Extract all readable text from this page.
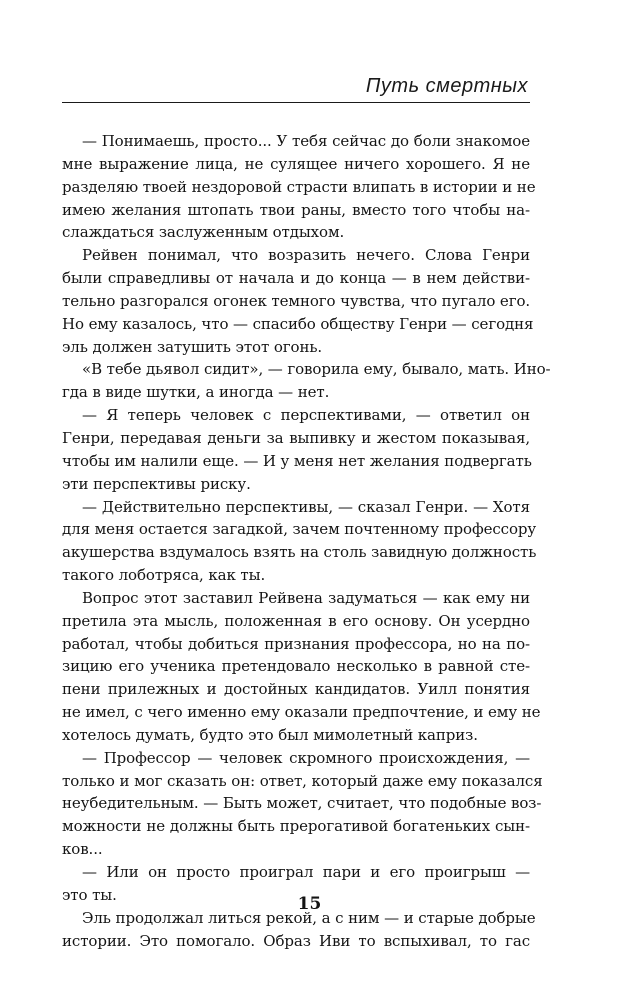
Путь смертных
— Понимаешь, просто... У тебя сейчас до боли знакомое
мне выражение лица, не сулящее ничего хорошего. Я не
разделяю твоей нездоровой страсти влипать в истории и не
имею желания штопать твои раны, вместо того чтобы на-
слаждаться заслуженным отдыхом.
Рейвен понимал, что возразить нечего. Слова Генри
были справедливы от начала и до конца — в нем действи-
тельно разгорался огонек темного чувства, что пугало его.
Но ему казалось, что — спасибо обществу Генри — сегодня
эль должен затушить этот огонь.
«В тебе дьявол сидит», — говорила ему, бывало, мать. Ино-
гда в виде шутки, а иногда — нет.
— Я теперь человек с перспективами, — ответил он
Генри, передавая деньги за выпивку и жестом показывая,
чтобы им налили еще. — И у меня нет желания подвергать
эти перспективы риску.
— Действительно перспективы, — сказал Генри. — Хотя
для меня остается загадкой, зачем почтенному профессору
акушерства вздумалось взять на столь завидную должность
такого лоботряса, как ты.
Вопрос этот заставил Рейвена задуматься — как ему ни
претила эта мысль, положенная в его основу. Он усердно
работал, чтобы добиться признания профессора, но на по-
зицию его ученика претендовало несколько в равной сте-
пени прилежных и достойных кандидатов. Уилл понятия
не имел, с чего именно ему оказали предпочтение, и ему не
хотелось думать, будто это был мимолетный каприз.
— Профессор — человек скромного происхождения, —
только и мог сказать он: ответ, который даже ему показался
неубедительным. — Быть может, считает, что подобные воз-
можности не должны быть прерогативой богатеньких сын-
ков...
— Или он просто проиграл пари и его проигрыш —
это ты.
Эль продолжал литься рекой, а с ним — и старые добрые
истории. Это помогало. Образ Иви то вспыхивал, то гас
15
